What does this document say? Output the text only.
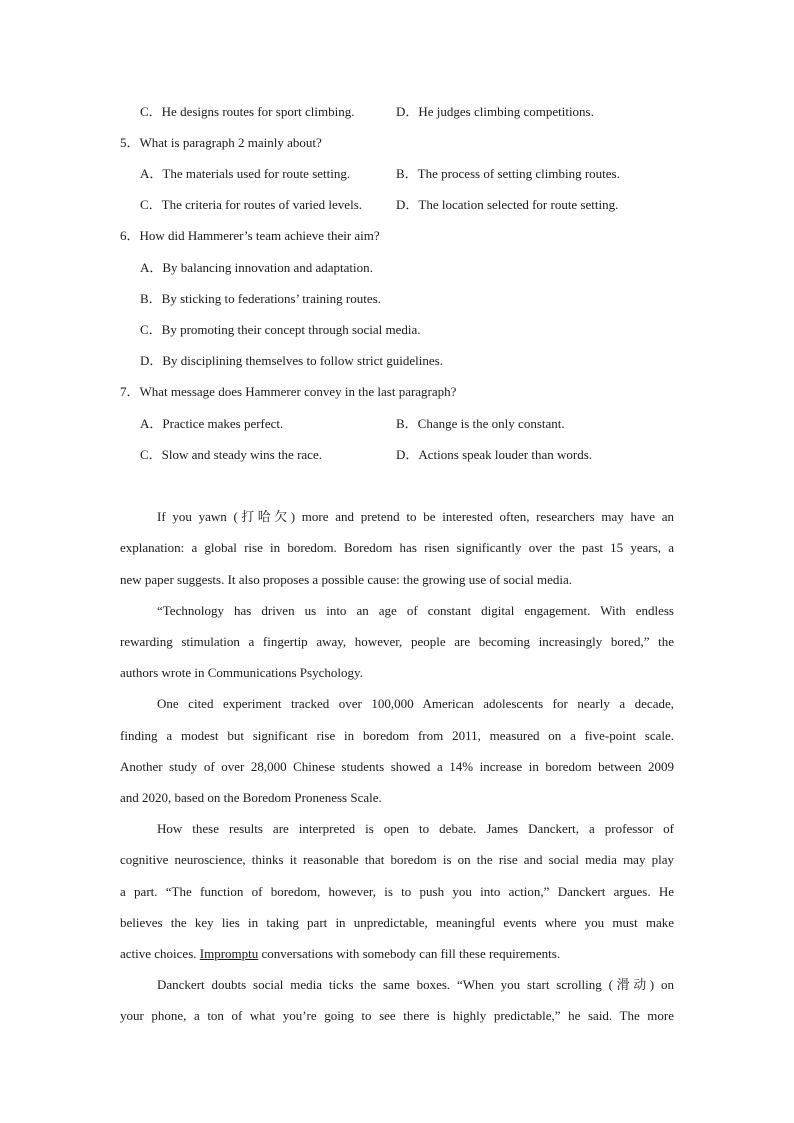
C．He designs routes for sport climbing.	D．He judges climbing competitions.
5．What is paragraph 2 mainly about?
A．The materials used for route setting.	B．The process of setting climbing routes.
C．The criteria for routes of varied levels.	D．The location selected for route setting.
6．How did Hammerer’s team achieve their aim?
A．By balancing innovation and adaptation.
B．By sticking to federations’ training routes.
C．By promoting their concept through social media.
D．By disciplining themselves to follow strict guidelines.
7．What message does Hammerer convey in the last paragraph?
A．Practice makes perfect.	B．Change is the only constant.
C．Slow and steady wins the race.	D．Actions speak louder than words.
If you yawn (打哈欠) more and pretend to be interested often, researchers may have an
explanation: a global rise in boredom. Boredom has risen significantly over the past 15 years, a
new paper suggests. It also proposes a possible cause: the growing use of social media.
“Technology has driven us into an age of constant digital engagement. With endless
rewarding stimulation a fingertip away, however, people are becoming increasingly bored,” the
authors wrote in Communications Psychology.
One cited experiment tracked over 100,000 American adolescents for nearly a decade,
finding a modest but significant rise in boredom from 2011, measured on a five-point scale.
Another study of over 28,000 Chinese students showed a 14% increase in boredom between 2009
and 2020, based on the Boredom Proneness Scale.
How these results are interpreted is open to debate. James Danckert, a professor of
cognitive neuroscience, thinks it reasonable that boredom is on the rise and social media may play
a part. “The function of boredom, however, is to push you into action,” Danckert argues. He
believes the key lies in taking part in unpredictable, meaningful events where you must make
active choices. Impromptu conversations with somebody can fill these requirements.
Danckert doubts social media ticks the same boxes. “When you start scrolling (滑动) on
your phone, a ton of what you’re going to see there is highly predictable,” he said. The more
